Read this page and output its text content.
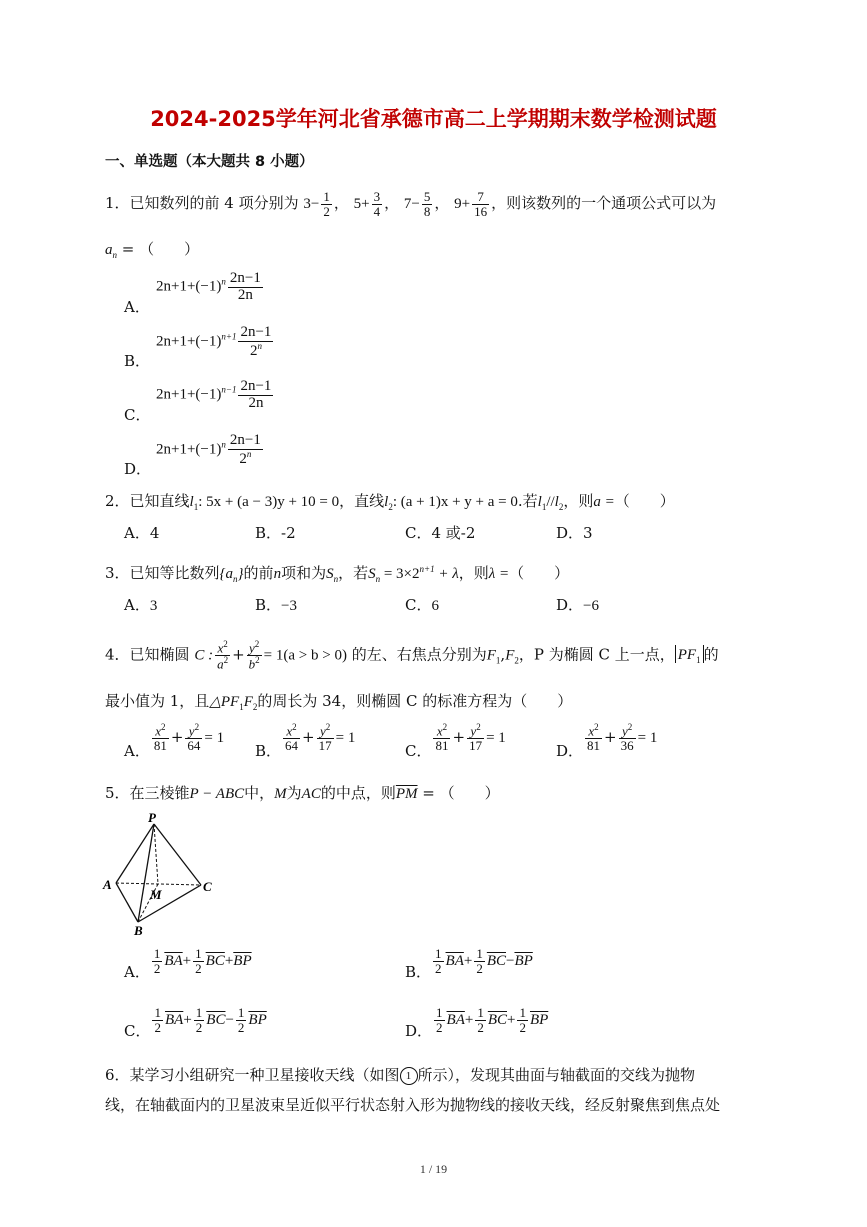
2024-2025学年河北省承德市高二上学期期末数学检测试题
一、单选题（本大题共 8 小题）
1．已知数列的前 4 项分别为 $3- \frac{1}{2}$ ， $5+ \frac{3}{4}$ ， $7- \frac{5}{8}$ ， $9+ \frac{7}{16}$ ，则该数列的一个通项公式可以为
$a_n$ = （　　）
A．
$2n+1+(-1)^n \frac{2n-1}{2n}$
B．
$2n+1+(-1)^{n+1} \frac{2n-1}{2^n}$
C．
$2n+1+(-1)^{n-1} \frac{2n-1}{2n}$
D．
$2n+1+(-1)^n \frac{2n-1}{2^n}$
2．已知直线$l_1$: 5x + (a − 3)y + 10 = 0，直线$l_2$: (a + 1)x + y + a = 0.若$l_1//l_2$，则a =（　　）
A．4	B．-2	C．4 或-2	D．3
3．已知等比数列$\{a_n\}$的前n项和为$S_n$，若$S_n = 3\times 2^{n+1} + \lambda$，则λ =（　　）
A．3	B．−3	C．6	D．−6
4．已知椭圆 C : $\frac{x^2}{a^2} + \frac{y^2}{b^2} = 1(a > b > 0)$ 的左、右焦点分别为$F_1,F_2$，P 为椭圆 C 上一点， $PF_1$ 的
最小值为 1，且$\triangle PF_1F_2$的周长为 34，则椭圆 C 的标准方程为（　　）
A． $\frac{x^2}{81} + \frac{y^2}{64} = 1$
B． $\frac{x^2}{64} + \frac{y^2}{17} = 1$
C． $\frac{x^2}{81} + \frac{y^2}{17} = 1$
D． $\frac{x^2}{81} + \frac{y^2}{36} = 1$
5．在三棱锥P − ABC中，M为AC的中点，则$\overline{PM}$ = （　　）
P
A
B
C
M
A． $\frac{1}{2} \overline{BA}+ \frac{1}{2} \overline{BC}+\overline{BP}$
B． $\frac{1}{2} \overline{BA}+ \frac{1}{2} \overline{BC}-\overline{BP}$
C． $\frac{1}{2} \overline{BA}+ \frac{1}{2} \overline{BC}- \frac{1}{2} \overline{BP}$
D． $\frac{1}{2} \overline{BA}+ \frac{1}{2} \overline{BC}+ \frac{1}{2} \overline{BP}$
6．某学习小组研究一种卫星接收天线（如图 1 所示），发现其曲面与轴截面的交线为抛物
线，在轴截面内的卫星波束呈近似平行状态射入形为抛物线的接收天线，经反射聚焦到焦点处
1 / 19
